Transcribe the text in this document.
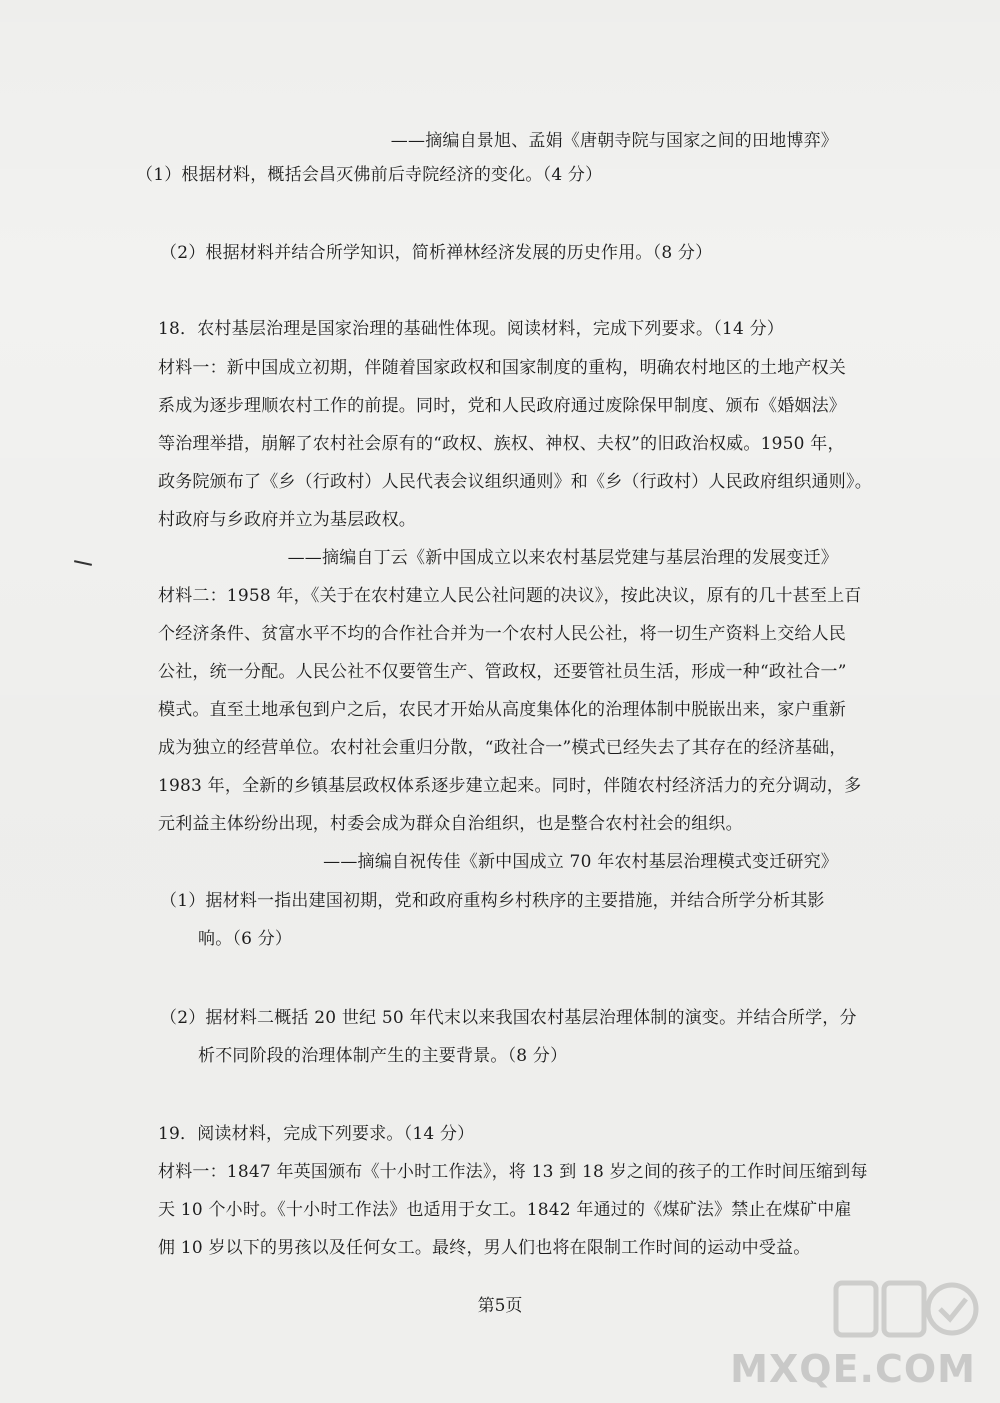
——摘编自景旭、孟娟《唐朝寺院与国家之间的田地博弈》
（1）根据材料，概括会昌灭佛前后寺院经济的变化。（4 分）
（2）根据材料并结合所学知识，简析禅林经济发展的历史作用。（8 分）
18．农村基层治理是国家治理的基础性体现。阅读材料，完成下列要求。（14 分）
材料一：新中国成立初期，伴随着国家政权和国家制度的重构，明确农村地区的土地产权关
系成为逐步理顺农村工作的前提。同时，党和人民政府通过废除保甲制度、颁布《婚姻法》
等治理举措，崩解了农村社会原有的“政权、族权、神权、夫权”的旧政治权威。1950 年，
政务院颁布了《乡（行政村）人民代表会议组织通则》和《乡（行政村）人民政府组织通则》。
村政府与乡政府并立为基层政权。
——摘编自丁云《新中国成立以来农村基层党建与基层治理的发展变迁》
材料二：1958 年，《关于在农村建立人民公社问题的决议》，按此决议，原有的几十甚至上百
个经济条件、贫富水平不均的合作社合并为一个农村人民公社，将一切生产资料上交给人民
公社，统一分配。人民公社不仅要管生产、管政权，还要管社员生活，形成一种“政社合一”
模式。直至土地承包到户之后，农民才开始从高度集体化的治理体制中脱嵌出来，家户重新
成为独立的经营单位。农村社会重归分散，“政社合一”模式已经失去了其存在的经济基础，
1983 年，全新的乡镇基层政权体系逐步建立起来。同时，伴随农村经济活力的充分调动，多
元利益主体纷纷出现，村委会成为群众自治组织，也是整合农村社会的组织。
——摘编自祝传佳《新中国成立 70 年农村基层治理模式变迁研究》
（1）据材料一指出建国初期，党和政府重构乡村秩序的主要措施，并结合所学分析其影
响。（6 分）
（2）据材料二概括 20 世纪 50 年代末以来我国农村基层治理体制的演变。并结合所学，分
析不同阶段的治理体制产生的主要背景。（8 分）
19．阅读材料，完成下列要求。（14 分）
材料一：1847 年英国颁布《十小时工作法》，将 13 到 18 岁之间的孩子的工作时间压缩到每
天 10 个小时。《十小时工作法》也适用于女工。1842 年通过的《煤矿法》禁止在煤矿中雇
佣 10 岁以下的男孩以及任何女工。最终，男人们也将在限制工作时间的运动中受益。
第5页
MXQE.COM
